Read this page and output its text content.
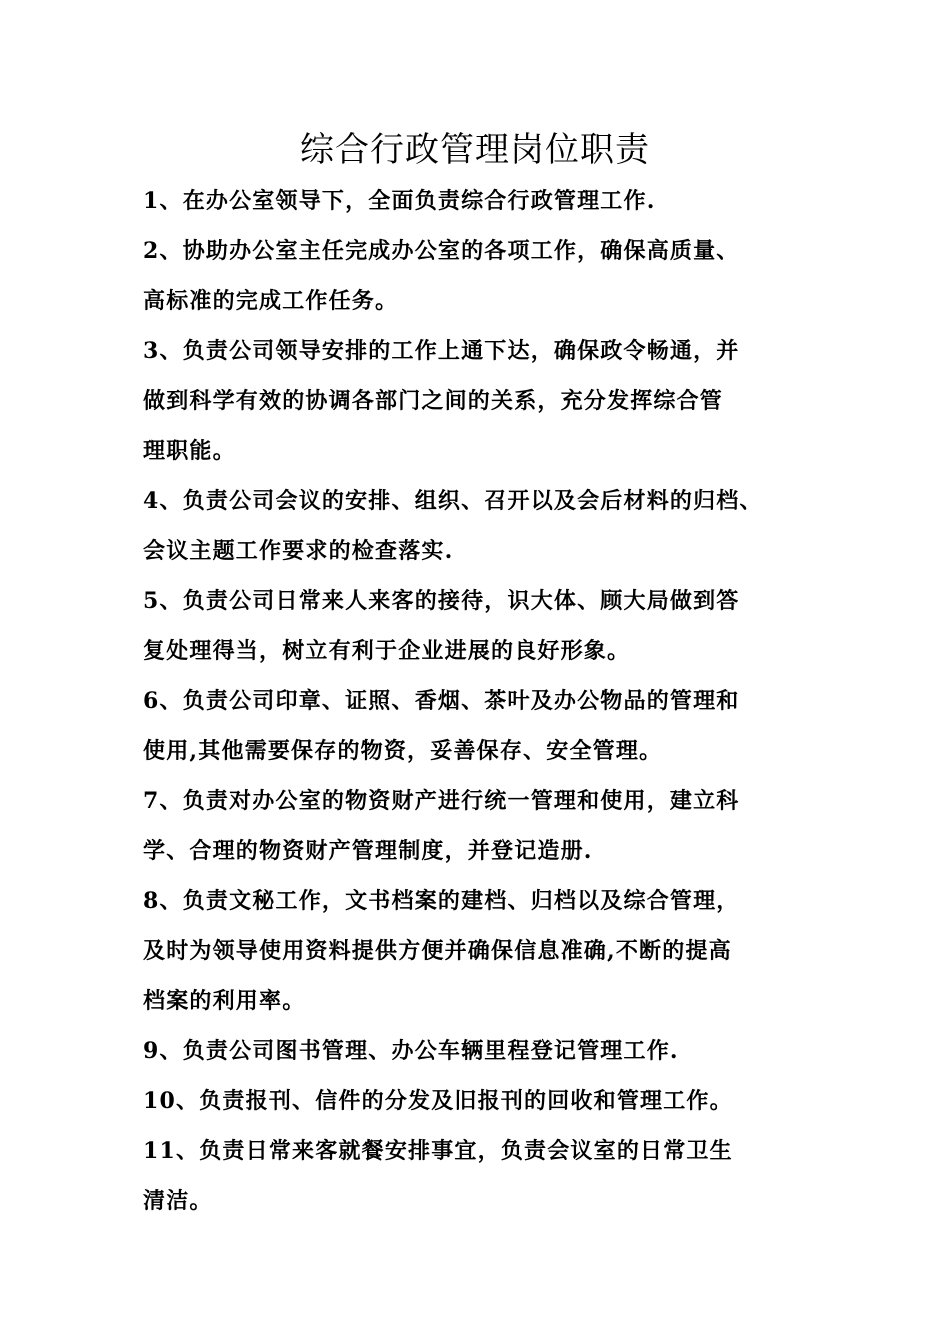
综合行政管理岗位职责

1、在办公室领导下，全面负责综合行政管理工作.

2、协助办公室主任完成办公室的各项工作，确保高质量、
高标准的完成工作任务。

3、负责公司领导安排的工作上通下达，确保政令畅通，并
做到科学有效的协调各部门之间的关系，充分发挥综合管
理职能。

4、负责公司会议的安排、组织、召开以及会后材料的归档、
会议主题工作要求的检查落实.

5、负责公司日常来人来客的接待，识大体、顾大局做到答
复处理得当，树立有利于企业进展的良好形象。

6、负责公司印章、证照、香烟、茶叶及办公物品的管理和
使用,其他需要保存的物资，妥善保存、安全管理。

7、负责对办公室的物资财产进行统一管理和使用，建立科
学、合理的物资财产管理制度，并登记造册.

8、负责文秘工作，文书档案的建档、归档以及综合管理，
及时为领导使用资料提供方便并确保信息准确,不断的提高
档案的利用率。

9、负责公司图书管理、办公车辆里程登记管理工作.

10、负责报刊、信件的分发及旧报刊的回收和管理工作。

11、负责日常来客就餐安排事宜，负责会议室的日常卫生
清洁。
